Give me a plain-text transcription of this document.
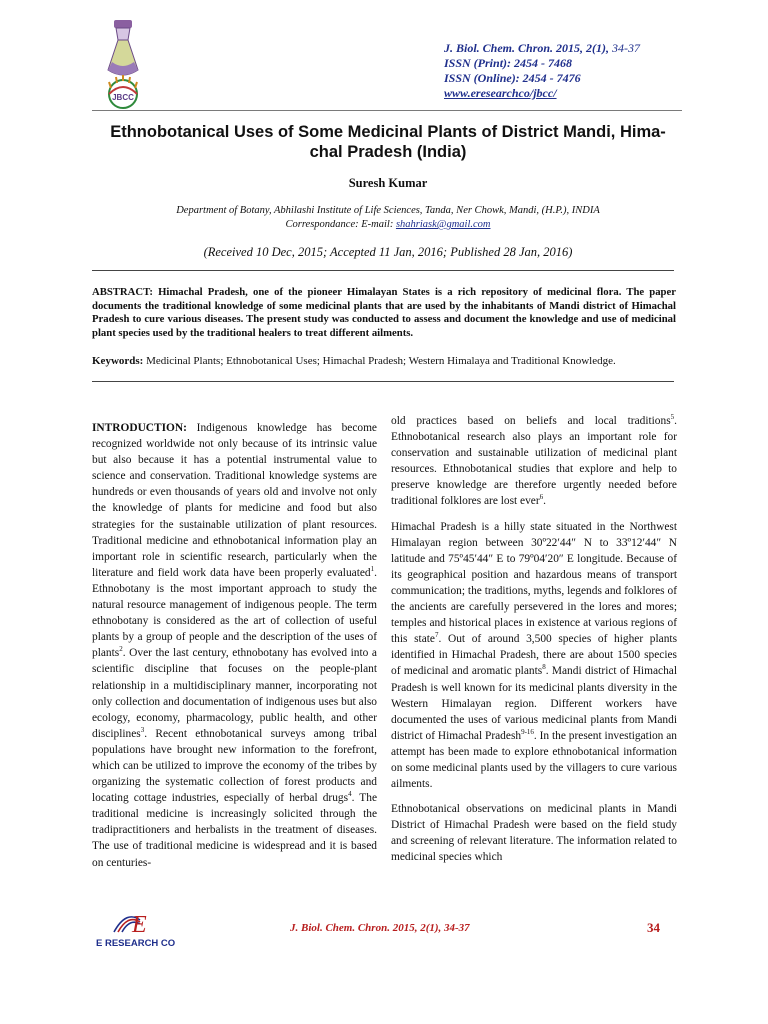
JBCC
J. Biol. Chem. Chron. 2015, 2(1), 34-37
ISSN (Print): 2454 - 7468
ISSN (Online): 2454 - 7476
www.eresearchco/jbcc/
Ethnobotanical Uses of Some Medicinal Plants of District Mandi, Hima- chal Pradesh (India)
Suresh Kumar
Department of Botany, Abhilashi Institute of Life Sciences, Tanda, Ner Chowk, Mandi, (H.P.), INDIA
Correspondance: E-mail: shahriask@gmail.com
(Received 10 Dec, 2015; Accepted 11 Jan, 2016; Published 28 Jan, 2016)
ABSTRACT: Himachal Pradesh, one of the pioneer Himalayan States is a rich repository of medicinal flora. The paper documents the traditional knowledge of some medicinal plants that are used by the inhabitants of Mandi district of Himachal Pradesh to cure various diseases. The present study was conducted to assess and document the knowledge and use of medicinal plant species used by the traditional healers to treat different ailments.
Keywords: Medicinal Plants; Ethnobotanical Uses; Himachal Pradesh; Western Himalaya and Traditional Knowledge.

INTRODUCTION: Indigenous knowledge has become recognized worldwide not only because of its intrinsic value but also because it has a potential instrumental value to science and conservation. Traditional knowledge systems are hundreds or even thousands of years old and involve not only the knowledge of plants for medicine and food but also strategies for the sustainable utilization of plant resources. Traditional medicine and ethnobotanical information play an important role in scientific research, particularly when the literature and field work data have been properly evaluated$^1$. Ethnobotany is the most important approach to study the natural resource management of indigenous people. The term ethnobotany is considered as the art of collection of useful plants by a group of people and the description of the uses of plants$^2$. Over the last century, ethnobotany has evolved into a scientific discipline that focuses on the people-plant relationship in a multidisciplinary manner, incorporating not only collection and documentation of indigenous uses but also ecology, economy, pharmacology, public health, and other disciplines$^3$. Recent ethnobotanical surveys among tribal populations have brought new information to the forefront, which can be utilized to improve the economy of the tribes by organizing the systematic collection of forest products and locating cottage industries, especially of herbal drugs$^4$. The traditional medicine is increasingly solicited through the tradipractitioners and herbalists in the treatment of diseases. The use of traditional medicine is widespread and it is based on centuries-

old practices based on beliefs and local traditions$^5$. Ethnobotanical research also plays an important role for conservation and sustainable utilization of medicinal plant resources. Ethnobotanical studies that explore and help to preserve knowledge are therefore urgently needed before traditional folklores are lost ever$^6$.

Himachal Pradesh is a hilly state situated in the Northwest Himalayan region between 30º22′44″ N to 33º12′44″ N latitude and 75º45′44″ E to 79º04′20″ E longitude. Because of its geographical position and hazardous means of transport communication; the traditions, myths, legends and folklores of the ancients are carefully persevered in the lores and mores; temples and historical places in existence at various regions of this state$^7$. Out of around 3,500 species of higher plants identified in Himachal Pradesh, there are about 1500 species of medicinal and aromatic plants$^8$. Mandi district of Himachal Pradesh is well known for its medicinal plants diversity in the Western Himalayan region. Different workers have documented the uses of various medicinal plants from Mandi district of Himachal Pradesh$^{9-16}$. In the present investigation an attempt has been made to explore ethnobotanical information on some medicinal plants used by the villagers to cure various ailments.

Ethnobotanical observations on medicinal plants in Mandi District of Himachal Pradesh were based on the field study and screening of relevant literature. The information related to medicinal species which

E
E RESEARCH CO
J. Biol. Chem. Chron. 2015, 2(1), 34-37	34
